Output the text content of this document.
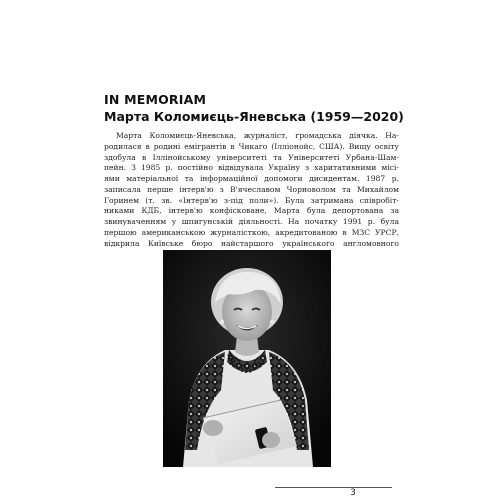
IN MEMORIAM
Марта Коломиєць-Яневська (1959—2020)
Марта Коломиєць-Яневська, журналіст, громадська діячка. На-
родилася в родині емігрантів в Чикаго (Ілліонойс, США). Вищу освіту
здобула в Іллінойському університеті та Університеті Урбана-Шам-
пейн. З 1985 р. постійно відвідувала Україну з харитативними місі-
ями матеріальної та інформаційної допомоги дисидентам. 1987 р.
записала перше інтерв'ю з В'ячеславом Чорноволом та Михайлом
Горинем (т. зв. «Інтерв'ю з-під поли»). Була затримана співробіт-
никами КДБ, інтерв'ю конфісковане, Марта була депортована за
звинуваченням у шпигунській діяльності. На початку 1991 р. була
першою американською журналісткою, акредитованою в МЗС УРСР,
відкрила Київське бюро найстаршого українського англомовного
3
